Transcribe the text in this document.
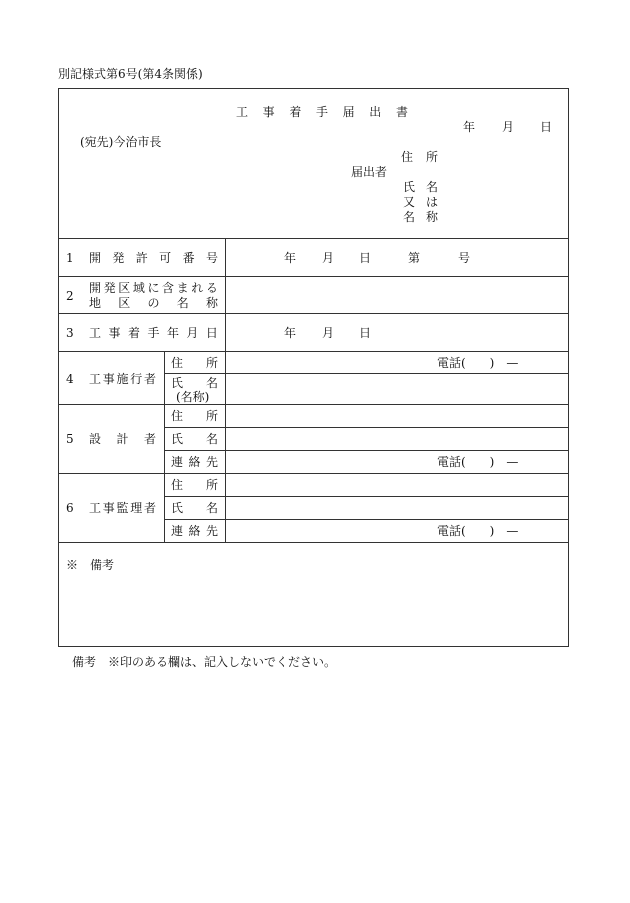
別記様式第6号(第4条関係)
工 事 着 手 届 出 書
年 月 日
(宛先)今治市長
住 所
届出者
氏 名
又 は
名 称
1 開 発 許 可 番 号	年 月 日	第	号
2
開 発 区 域 に 含 ま れ る
地 区 の 名 称
3 工 事 着 手 年 月 日	年 月 日
4 工 事 施 行 者
住 所	電話(　　)　—
氏 名
(名称)
5 設 計 者
住 所
氏 名
連 絡 先	電話(　　)　—
6 工 事 監 理 者
住 所
氏 名
連 絡 先	電話(　　)　—
※　備考
備考　※印のある欄は、記入しないでください。
